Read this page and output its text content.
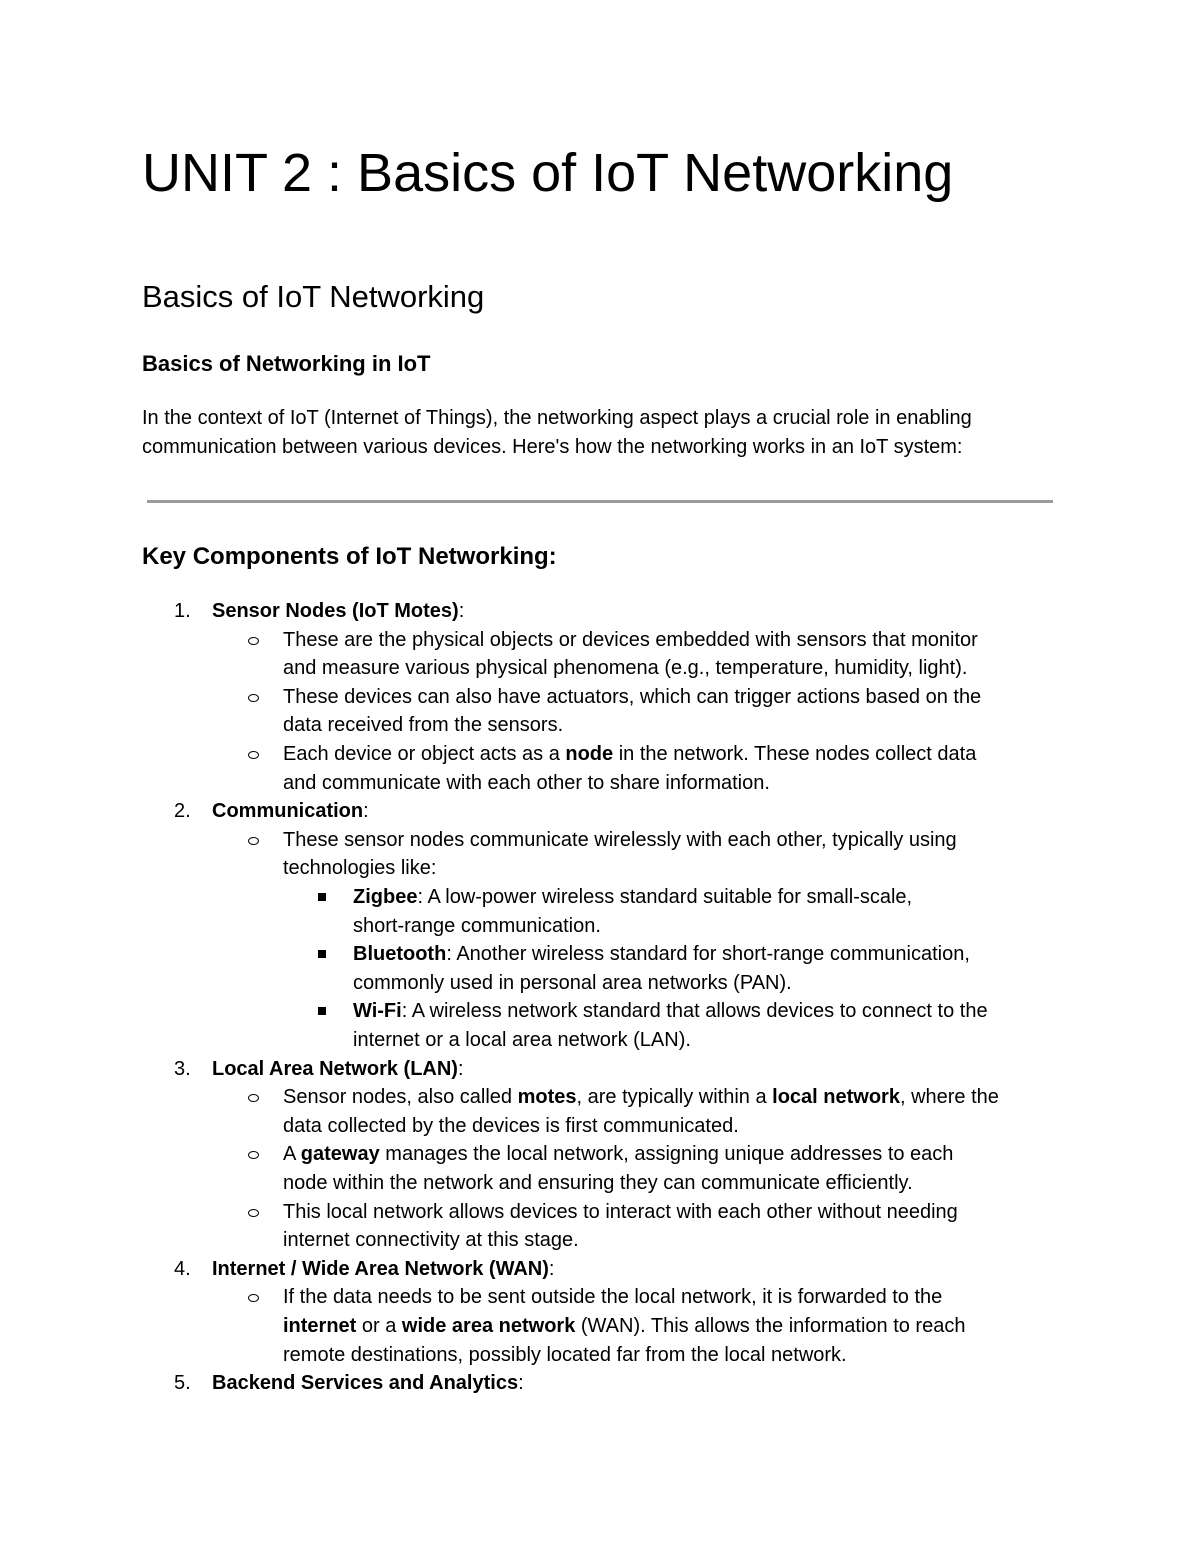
UNIT 2 : Basics of IoT Networking
Basics of IoT Networking
Basics of Networking in IoT
In the context of IoT (Internet of Things), the networking aspect plays a crucial role in enabling
communication between various devices. Here's how the networking works in an IoT system:
Key Components of IoT Networking:
1. Sensor Nodes (IoT Motes):
These are the physical objects or devices embedded with sensors that monitor
and measure various physical phenomena (e.g., temperature, humidity, light).
These devices can also have actuators, which can trigger actions based on the
data received from the sensors.
Each device or object acts as a node in the network. These nodes collect data
and communicate with each other to share information.
2. Communication:
These sensor nodes communicate wirelessly with each other, typically using
technologies like:
Zigbee: A low-power wireless standard suitable for small-scale,
short-range communication.
Bluetooth: Another wireless standard for short-range communication,
commonly used in personal area networks (PAN).
Wi-Fi: A wireless network standard that allows devices to connect to the
internet or a local area network (LAN).
3. Local Area Network (LAN):
Sensor nodes, also called motes, are typically within a local network, where the
data collected by the devices is first communicated.
A gateway manages the local network, assigning unique addresses to each
node within the network and ensuring they can communicate efficiently.
This local network allows devices to interact with each other without needing
internet connectivity at this stage.
4. Internet / Wide Area Network (WAN):
If the data needs to be sent outside the local network, it is forwarded to the
internet or a wide area network (WAN). This allows the information to reach
remote destinations, possibly located far from the local network.
5. Backend Services and Analytics:
